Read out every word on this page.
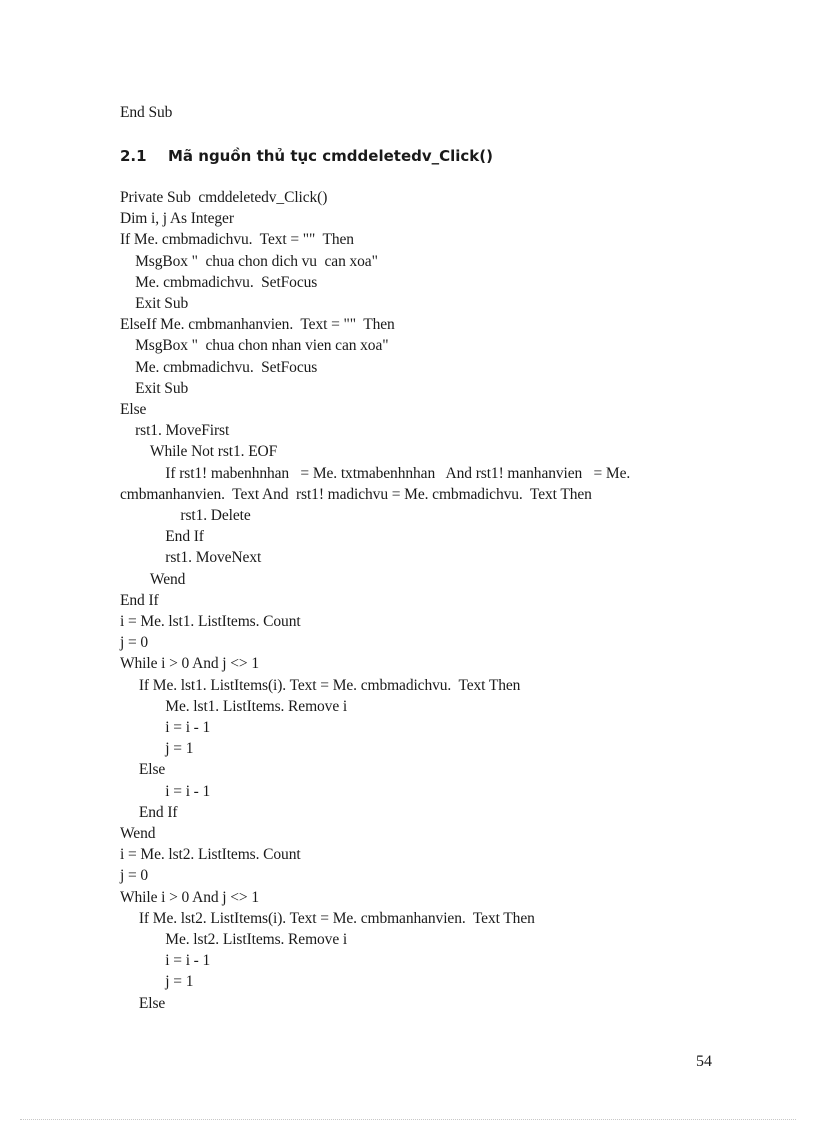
End Sub
2.1 Mã nguồn thủ tục cmddeletedv_Click()
Private Sub  cmddeletedv_Click()
Dim i, j As Integer
If Me. cmbmadichvu.  Text = ""  Then
MsgBox "  chua chon dich vu  can xoa"
Me. cmbmadichvu.  SetFocus
Exit Sub
ElseIf Me. cmbmanhanvien.  Text = ""  Then
MsgBox "  chua chon nhan vien can xoa"
Me. cmbmadichvu.  SetFocus
Exit Sub
Else
rst1. MoveFirst
While Not rst1. EOF
If rst1! mabenhnhan   = Me. txtmabenhnhan   And rst1! manhanvien   = Me.
cmbmanhanvien.  Text And  rst1! madichvu = Me. cmbmadichvu.  Text Then
rst1. Delete
End If
rst1. MoveNext
Wend
End If
i = Me. lst1. ListItems. Count
j = 0
While i > 0 And j <> 1
If Me. lst1. ListItems(i). Text = Me. cmbmadichvu.  Text Then
Me. lst1. ListItems. Remove i
i = i - 1
j = 1
Else
i = i - 1
End If
Wend
i = Me. lst2. ListItems. Count
j = 0
While i > 0 And j <> 1
If Me. lst2. ListItems(i). Text = Me. cmbmanhanvien.  Text Then
Me. lst2. ListItems. Remove i
i = i - 1
j = 1
Else
54
